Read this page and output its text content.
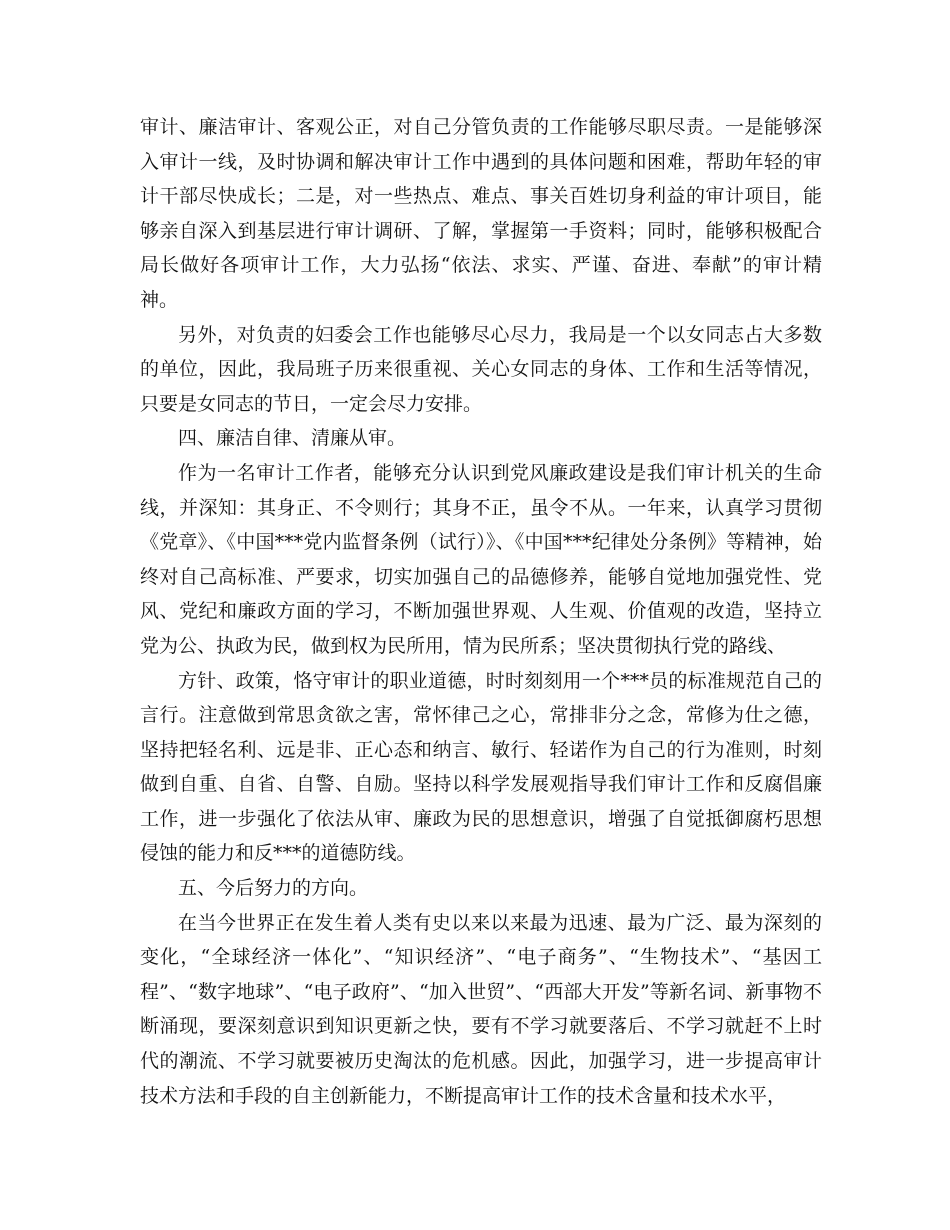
审计、廉洁审计、客观公正，对自己分管负责的工作能够尽职尽责。一是能够深入审计一线，及时协调和解决审计工作中遇到的具体问题和困难，帮助年轻的审计干部尽快成长；二是，对一些热点、难点、事关百姓切身利益的审计项目，能够亲自深入到基层进行审计调研、了解，掌握第一手资料；同时，能够积极配合局长做好各项审计工作，大力弘扬“依法、求实、严谨、奋进、奉献”的审计精神。

另外，对负责的妇委会工作也能够尽心尽力，我局是一个以女同志占大多数的单位，因此，我局班子历来很重视、关心女同志的身体、工作和生活等情况，只要是女同志的节日，一定会尽力安排。

四、廉洁自律、清廉从审。

作为一名审计工作者，能够充分认识到党风廉政建设是我们审计机关的生命线，并深知：其身正、不令则行；其身不正，虽令不从。一年来，认真学习贯彻《党章》、《中国***党内监督条例（试行）》、《中国***纪律处分条例》等精神，始终对自己高标准、严要求，切实加强自己的品德修养，能够自觉地加强党性、党风、党纪和廉政方面的学习，不断加强世界观、人生观、价值观的改造，坚持立党为公、执政为民，做到权为民所用，情为民所系；坚决贯彻执行党的路线、

方针、政策，恪守审计的职业道德，时时刻刻用一个***员的标准规范自己的言行。注意做到常思贪欲之害，常怀律己之心，常排非分之念，常修为仕之德，坚持把轻名利、远是非、正心态和纳言、敏行、轻诺作为自己的行为准则，时刻做到自重、自省、自警、自励。坚持以科学发展观指导我们审计工作和反腐倡廉工作，进一步强化了依法从审、廉政为民的思想意识，增强了自觉抵御腐朽思想侵蚀的能力和反***的道德防线。

五、今后努力的方向。

在当今世界正在发生着人类有史以来以来最为迅速、最为广泛、最为深刻的变化，“全球经济一体化”、“知识经济”、“电子商务”、“生物技术”、“基因工程”、“数字地球”、“电子政府”、“加入世贸”、“西部大开发”等新名词、新事物不断涌现，要深刻意识到知识更新之快，要有不学习就要落后、不学习就赶不上时代的潮流、不学习就要被历史淘汰的危机感。因此，加强学习，进一步提高审计技术方法和手段的自主创新能力，不断提高审计工作的技术含量和技术水平，
